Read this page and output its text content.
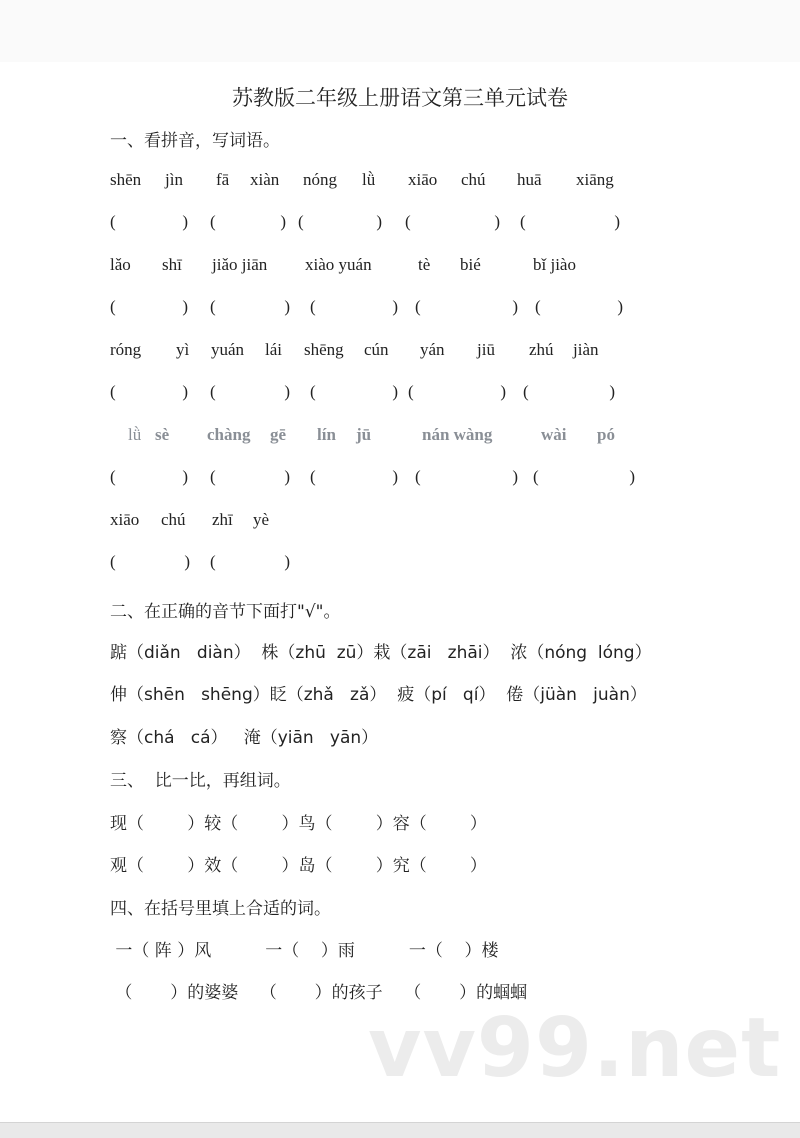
苏教版二年级上册语文第三单元试卷
一、看拼音，写词语。
shēn jìn fā xiàn nóng lǜ xiāo chú huā xiāng
(	) (	) (	) (	) (	)
lǎo shī jiǎo jiān xiào yuán	tè bié	bǐ jiào
(	) (	) (	) (	) (	)
róng yì yuán lái shēng cún yán jiū zhú jiàn
(	) (	) (	) (	) (	)
lǜ sè chàng gē lín jū	nán wàng	wài pó
(	) (	) (	) (	) (	)
xiāo chú zhī yè
(	) (	)
二、在正确的音节下面打"√"。
踮（diǎn   diàn）  株（zhū  zū）栽（zāi   zhāi）  浓（nóng  lóng）
伸（shēn   shēng）眨（zhǎ   zǎ）  疲（pí   qí）  倦（jüàn   juàn）
察（chá   cá）   淹（yiān   yān）
三、  比一比，再组词。
现（        ）较（        ）鸟（        ）容（        ）
观（        ）效（        ）岛（        ）究（        ）
四、在括号里填上合适的词。
一（ 阵 ）风          一（    ）雨          一（    ）楼
（       ）的婆婆    （       ）的孩子    （       ）的蝈蝈
vv99.net
